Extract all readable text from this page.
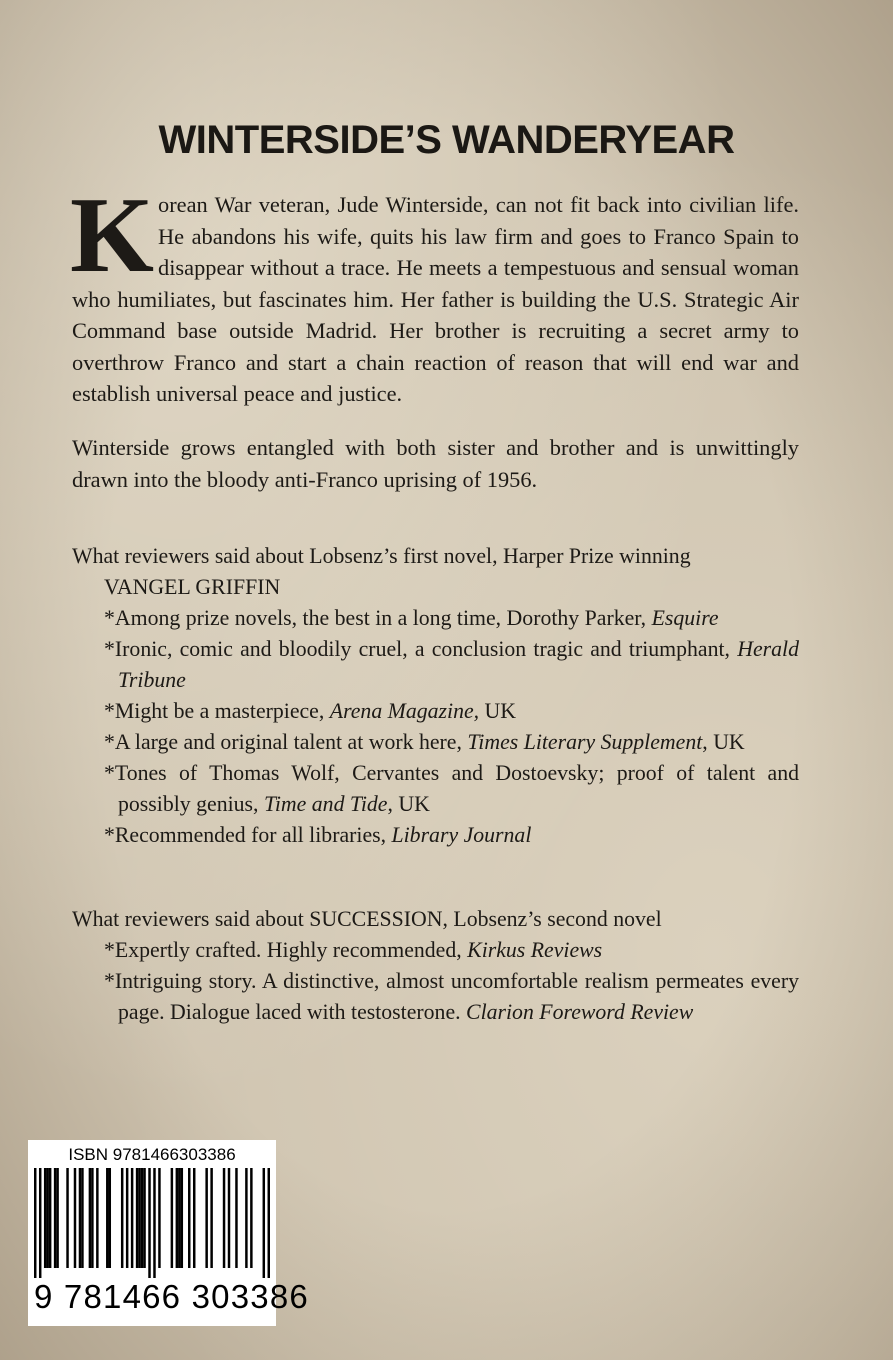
WINTERSIDE’S WANDERYEAR
Korean War veteran, Jude Winterside, can not fit back into civilian life. He abandons his wife, quits his law firm and goes to Franco Spain to disappear without a trace. He meets a tempestuous and sensual woman who humiliates, but fascinates him. Her father is building the U.S. Strategic Air Command base outside Madrid. Her brother is recruiting a secret army to overthrow Franco and start a chain reaction of reason that will end war and establish universal peace and justice.
Winterside grows entangled with both sister and brother and is unwittingly drawn into the bloody anti-Franco uprising of 1956.
What reviewers said about Lobsenz’s first novel, Harper Prize winning
VANGEL GRIFFIN
*Among prize novels, the best in a long time, Dorothy Parker, Esquire
*Ironic, comic and bloodily cruel, a conclusion tragic and triumphant, Herald Tribune
*Might be a masterpiece, Arena Magazine, UK
*A large and original talent at work here, Times Literary Supplement, UK
*Tones of Thomas Wolf, Cervantes and Dostoevsky; proof of talent and possibly genius, Time and Tide, UK
*Recommended for all libraries, Library Journal
What reviewers said about SUCCESSION, Lobsenz’s second novel
*Expertly crafted. Highly recommended, Kirkus Reviews
*Intriguing story. A distinctive, almost uncomfortable realism permeates every page. Dialogue laced with testosterone. Clarion Foreword Review
ISBN 9781466303386
9 781466 303386
